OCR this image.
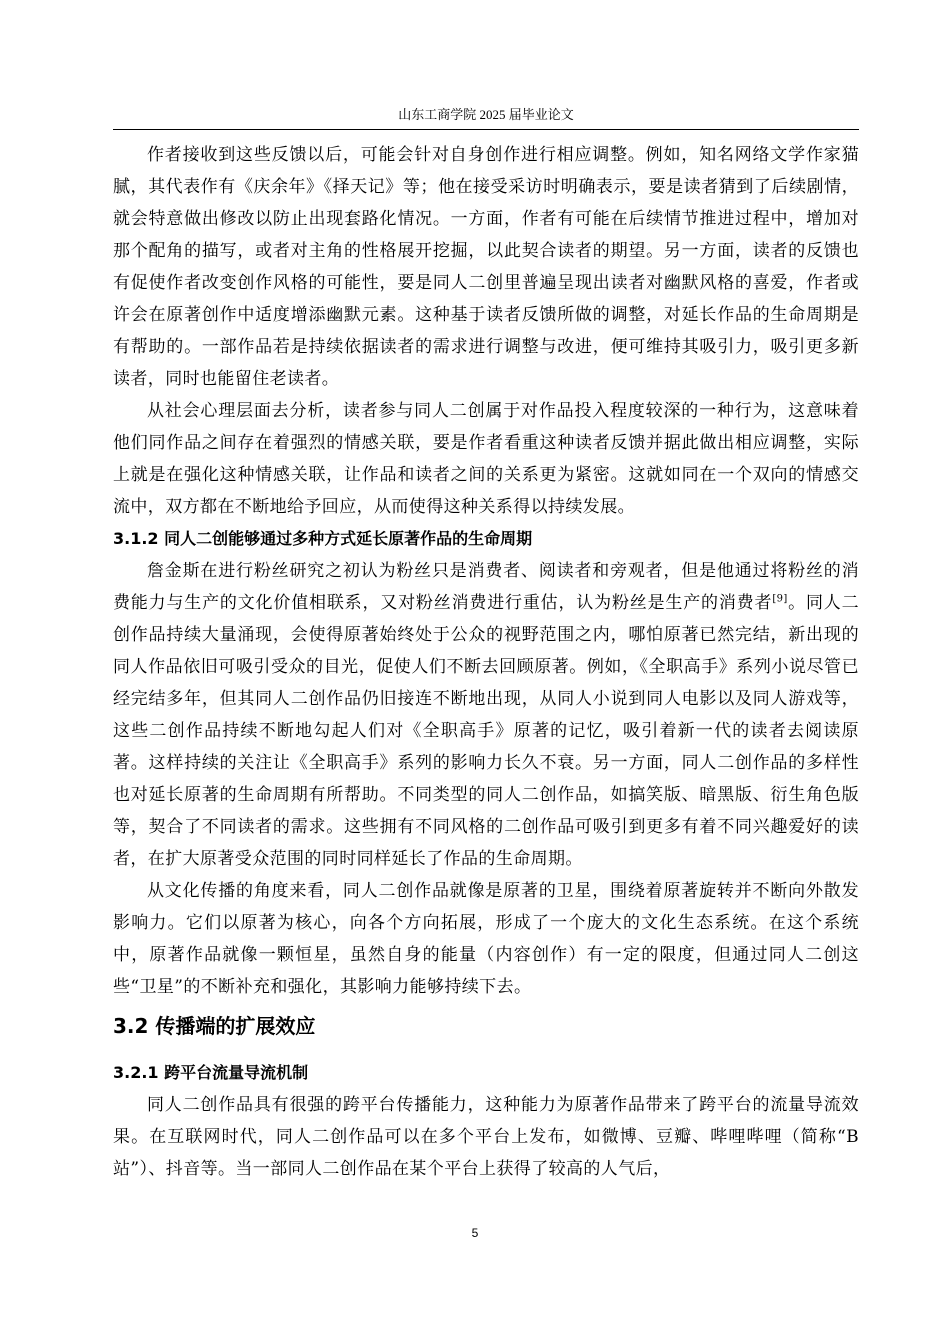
山东工商学院 2025 届毕业论文

作者接收到这些反馈以后，可能会针对自身创作进行相应调整。例如，知名网络文学作家猫腻，其代表作有《庆余年》《择天记》等；他在接受采访时明确表示，要是读者猜到了后续剧情，就会特意做出修改以防止出现套路化情况。一方面，作者有可能在后续情节推进过程中，增加对那个配角的描写，或者对主角的性格展开挖掘，以此契合读者的期望。另一方面，读者的反馈也有促使作者改变创作风格的可能性，要是同人二创里普遍呈现出读者对幽默风格的喜爱，作者或许会在原著创作中适度增添幽默元素。这种基于读者反馈所做的调整，对延长作品的生命周期是有帮助的。一部作品若是持续依据读者的需求进行调整与改进，便可维持其吸引力，吸引更多新读者，同时也能留住老读者。

从社会心理层面去分析，读者参与同人二创属于对作品投入程度较深的一种行为，这意味着他们同作品之间存在着强烈的情感关联，要是作者看重这种读者反馈并据此做出相应调整，实际上就是在强化这种情感关联，让作品和读者之间的关系更为紧密。这就如同在一个双向的情感交流中，双方都在不断地给予回应，从而使得这种关系得以持续发展。

3.1.2 同人二创能够通过多种方式延长原著作品的生命周期

詹金斯在进行粉丝研究之初认为粉丝只是消费者、阅读者和旁观者，但是他通过将粉丝的消费能力与生产的文化价值相联系，又对粉丝消费进行重估，认为粉丝是生产的消费者[9]。同人二创作品持续大量涌现，会使得原著始终处于公众的视野范围之内，哪怕原著已然完结，新出现的同人作品依旧可吸引受众的目光，促使人们不断去回顾原著。例如，《全职高手》系列小说尽管已经完结多年，但其同人二创作品仍旧接连不断地出现，从同人小说到同人电影以及同人游戏等，这些二创作品持续不断地勾起人们对《全职高手》原著的记忆，吸引着新一代的读者去阅读原著。这样持续的关注让《全职高手》系列的影响力长久不衰。另一方面，同人二创作品的多样性也对延长原著的生命周期有所帮助。不同类型的同人二创作品，如搞笑版、暗黑版、衍生角色版等，契合了不同读者的需求。这些拥有不同风格的二创作品可吸引到更多有着不同兴趣爱好的读者，在扩大原著受众范围的同时同样延长了作品的生命周期。

从文化传播的角度来看，同人二创作品就像是原著的卫星，围绕着原著旋转并不断向外散发影响力。它们以原著为核心，向各个方向拓展，形成了一个庞大的文化生态系统。在这个系统中，原著作品就像一颗恒星，虽然自身的能量（内容创作）有一定的限度，但通过同人二创这些“卫星”的不断补充和强化，其影响力能够持续下去。

3.2 传播端的扩展效应
3.2.1 跨平台流量导流机制

同人二创作品具有很强的跨平台传播能力，这种能力为原著作品带来了跨平台的流量导流效果。在互联网时代，同人二创作品可以在多个平台上发布，如微博、豆瓣、哔哩哔哩（简称“B 站”）、抖音等。当一部同人二创作品在某个平台上获得了较高的人气后，

5
